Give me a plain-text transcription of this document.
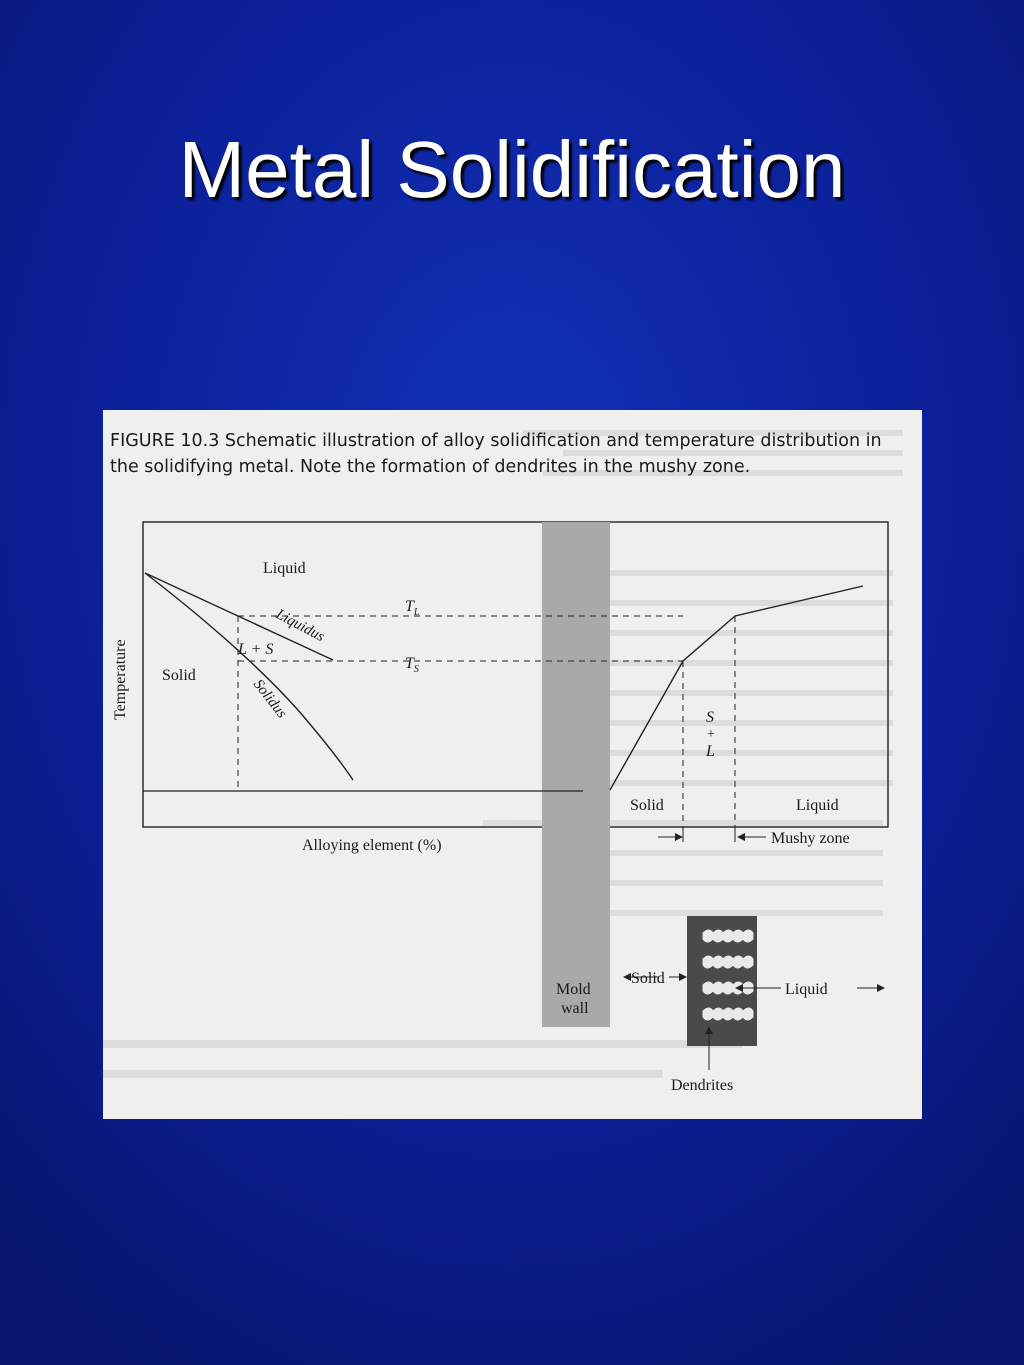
Metal Solidification
Liquid
$T_L$
Liquidus
L + S
$T_S$
Solid
Solidus
Temperature
Alloying element (%)
S
+
L
Solid	Liquid
Mushy zone
Mold
wall
Solid
Liquid
Dendrites
FIGURE 10.3 Schematic illustration of alloy solidification and temperature distribution in the solidifying metal. Note the formation of dendrites in the mushy zone.
